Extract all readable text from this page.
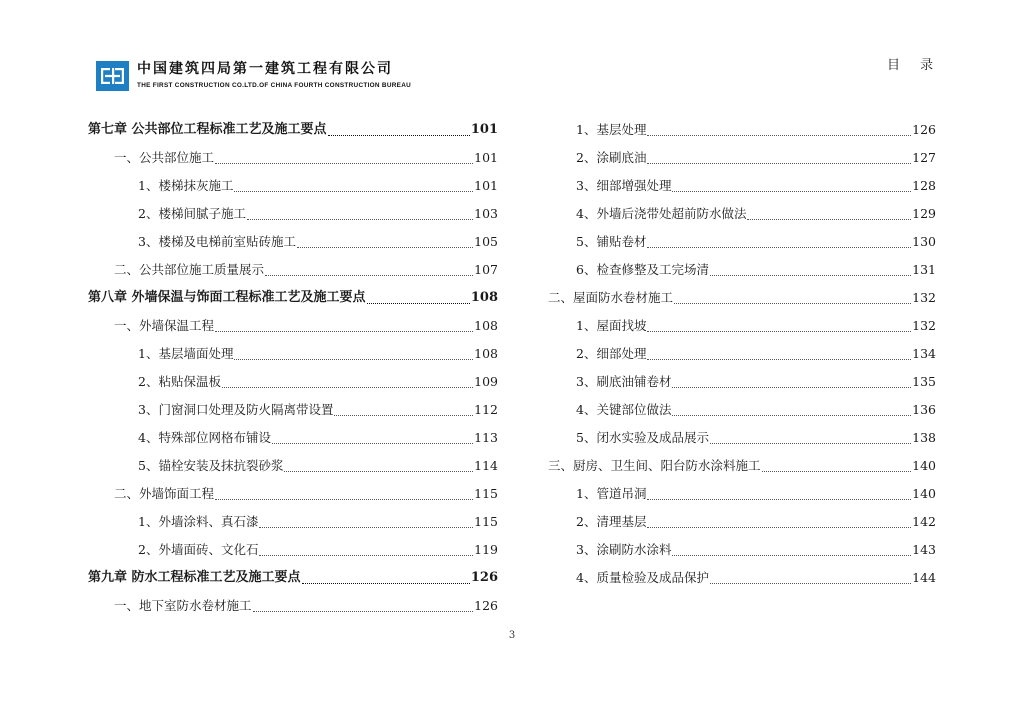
中国建筑四局第一建筑工程有限公司
THE FIRST CONSTRUCTION CO.LTD.OF CHINA FOURTH CONSTRUCTION BUREAU
目 录
第七章 公共部位工程标准工艺及施工要点	101
一、公共部位施工	101
1、楼梯抹灰施工	101
2、楼梯间腻子施工	103
3、楼梯及电梯前室贴砖施工	105
二、公共部位施工质量展示	107
第八章 外墙保温与饰面工程标准工艺及施工要点	108
一、外墙保温工程	108
1、基层墙面处理	108
2、粘贴保温板	109
3、门窗洞口处理及防火隔离带设置	112
4、特殊部位网格布铺设	113
5、锚栓安装及抹抗裂砂浆	114
二、外墙饰面工程	115
1、外墙涂料、真石漆	115
2、外墙面砖、文化石	119
第九章 防水工程标准工艺及施工要点	126
一、地下室防水卷材施工	126
1、基层处理	126
2、涂刷底油	127
3、细部增强处理	128
4、外墙后浇带处超前防水做法	129
5、铺贴卷材	130
6、检查修整及工完场清	131
二、屋面防水卷材施工	132
1、屋面找坡	132
2、细部处理	134
3、刷底油铺卷材	135
4、关键部位做法	136
5、闭水实验及成品展示	138
三、厨房、卫生间、阳台防水涂料施工	140
1、管道吊洞	140
2、清理基层	142
3、涂刷防水涂料	143
4、质量检验及成品保护	144
3
